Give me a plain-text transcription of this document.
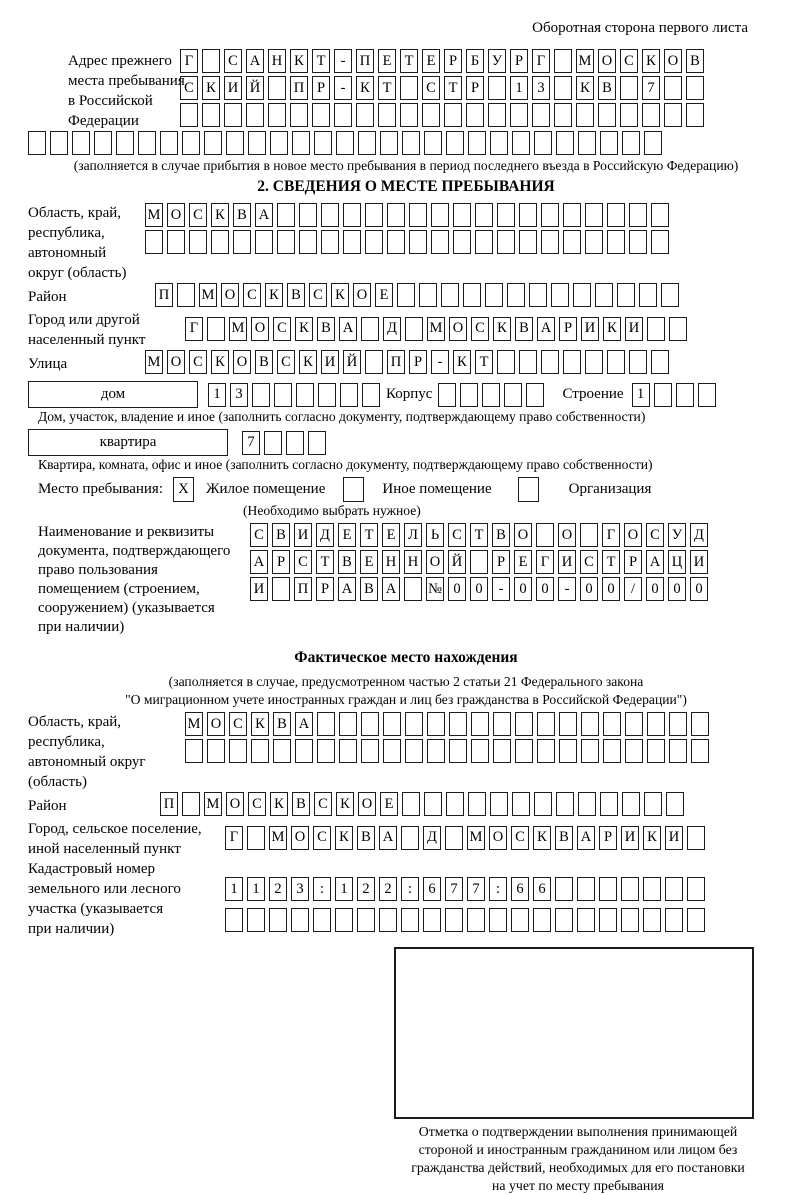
Оборотная сторона первого листа
Адрес прежнего
места пребывания
в Российской
Федерации
Г	С А Н К Т	- П Е Т Е Р Б У Р Г	М О С К О В
С К И Й П Р	-	К Т	С Т Р	1	3	К В	7
(заполняется в случае прибытия в новое место пребывания в период последнего въезда в Российскую Федерацию)
2. СВЕДЕНИЯ О МЕСТЕ ПРЕБЫВАНИЯ
Область, край,
республика,
автономный
округ (область)
М О С К В А
Район	П М О С К В С К О Е
Город или другой
населенный пункт
Г	М О С К В А Д М О С К В А Р И К И
Улица	М О С К О В С К И Й П Р	-	К Т
дом	1	3	Корпус	Строение 1
Дом, участок, владение и иное (заполнить согласно документу, подтверждающему право собственности)
квартира	7
Квартира, комната, офис и иное (заполнить согласно документу, подтверждающему право собственности)
Место пребывания:	X	Жилое помещение	Иное помещение	Организация
(Необходимо выбрать нужное)
Наименование и реквизиты
документа, подтверждающего
право пользования
помещением (строением,
сооружением) (указывается
при наличии)
С В И Д Е Т Е Л Ь С Т В О О	Г О С У Д
А Р С Т В Е Н Н О Й	Р Е Г И С Т Р А Ц И
И П Р А В А № 0	0	-	0	0	-	0	0	/	0	0	0
Фактическое место нахождения
(заполняется в случае, предусмотренном частью 2 статьи 21 Федерального закона
"О миграционном учете иностранных граждан и лиц без гражданства в Российской Федерации")
Область, край,
республика,
автономный округ
(область)
М О С К В А
Район	П М О С К В С К О Е
Город, сельское поселение,
иной населенный пункт
Г	М О С К В А Д М О С К В А Р И К И
Кадастровый номер
земельного или лесного
участка (указывается
при наличии)
1	1	2	3	:	1	2	2	:	6	7	7	:	6	6
Отметка о подтверждении выполнения принимающей
стороной и иностранным гражданином или лицом без
гражданства действий, необходимых для его постановки
на учет по месту пребывания
